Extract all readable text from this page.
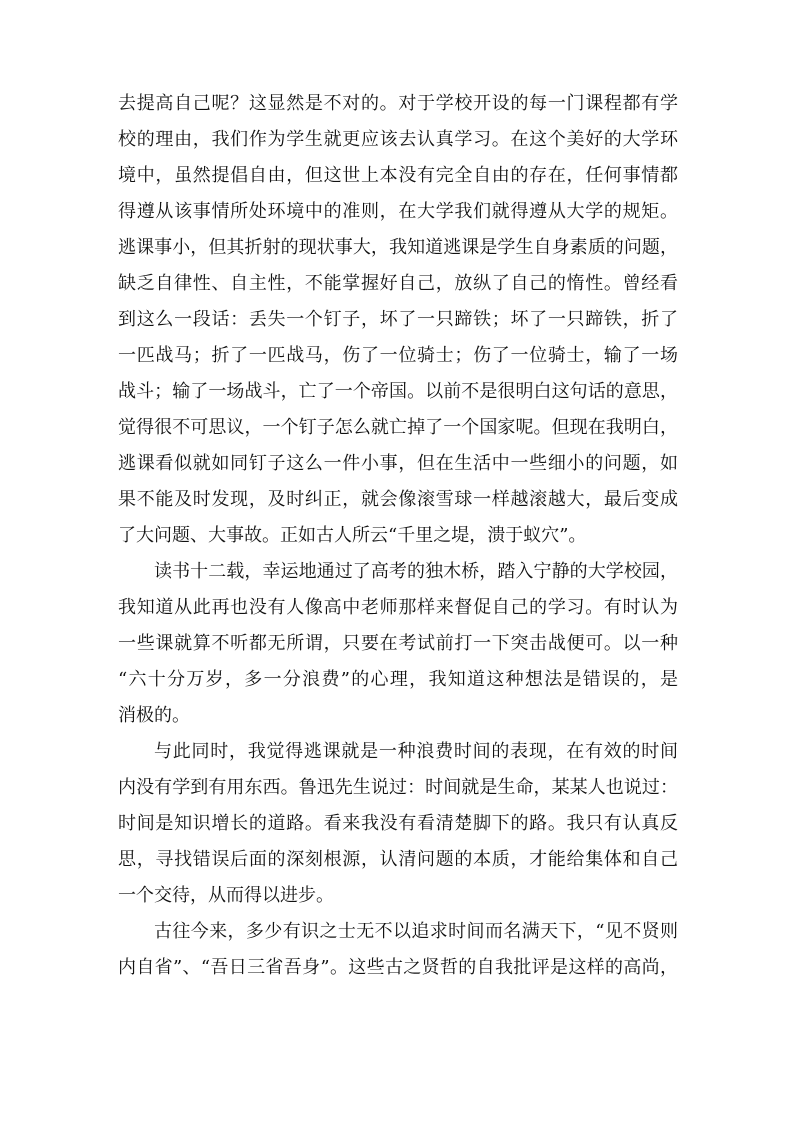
去提高自己呢？这显然是不对的。对于学校开设的每一门课程都有学
校的理由，我们作为学生就更应该去认真学习。在这个美好的大学环
境中，虽然提倡自由，但这世上本没有完全自由的存在，任何事情都
得遵从该事情所处环境中的准则，在大学我们就得遵从大学的规矩。
逃课事小，但其折射的现状事大，我知道逃课是学生自身素质的问题，
缺乏自律性、自主性，不能掌握好自己，放纵了自己的惰性。曾经看
到这么一段话：丢失一个钉子，坏了一只蹄铁；坏了一只蹄铁，折了
一匹战马；折了一匹战马，伤了一位骑士；伤了一位骑士，输了一场
战斗；输了一场战斗，亡了一个帝国。以前不是很明白这句话的意思，
觉得很不可思议，一个钉子怎么就亡掉了一个国家呢。但现在我明白，
逃课看似就如同钉子这么一件小事，但在生活中一些细小的问题，如
果不能及时发现，及时纠正，就会像滚雪球一样越滚越大，最后变成
了大问题、大事故。正如古人所云“千里之堤，溃于蚁穴”。
读书十二载，幸运地通过了高考的独木桥，踏入宁静的大学校园，
我知道从此再也没有人像高中老师那样来督促自己的学习。有时认为
一些课就算不听都无所谓，只要在考试前打一下突击战便可。以一种
“六十分万岁，多一分浪费”的心理，我知道这种想法是错误的，是
消极的。
与此同时，我觉得逃课就是一种浪费时间的表现，在有效的时间
内没有学到有用东西。鲁迅先生说过：时间就是生命，某某人也说过：
时间是知识增长的道路。看来我没有看清楚脚下的路。我只有认真反
思，寻找错误后面的深刻根源，认清问题的本质，才能给集体和自己
一个交待，从而得以进步。
古往今来，多少有识之士无不以追求时间而名满天下，“见不贤则
内自省”、“吾日三省吾身”。这些古之贤哲的自我批评是这样的高尚，
